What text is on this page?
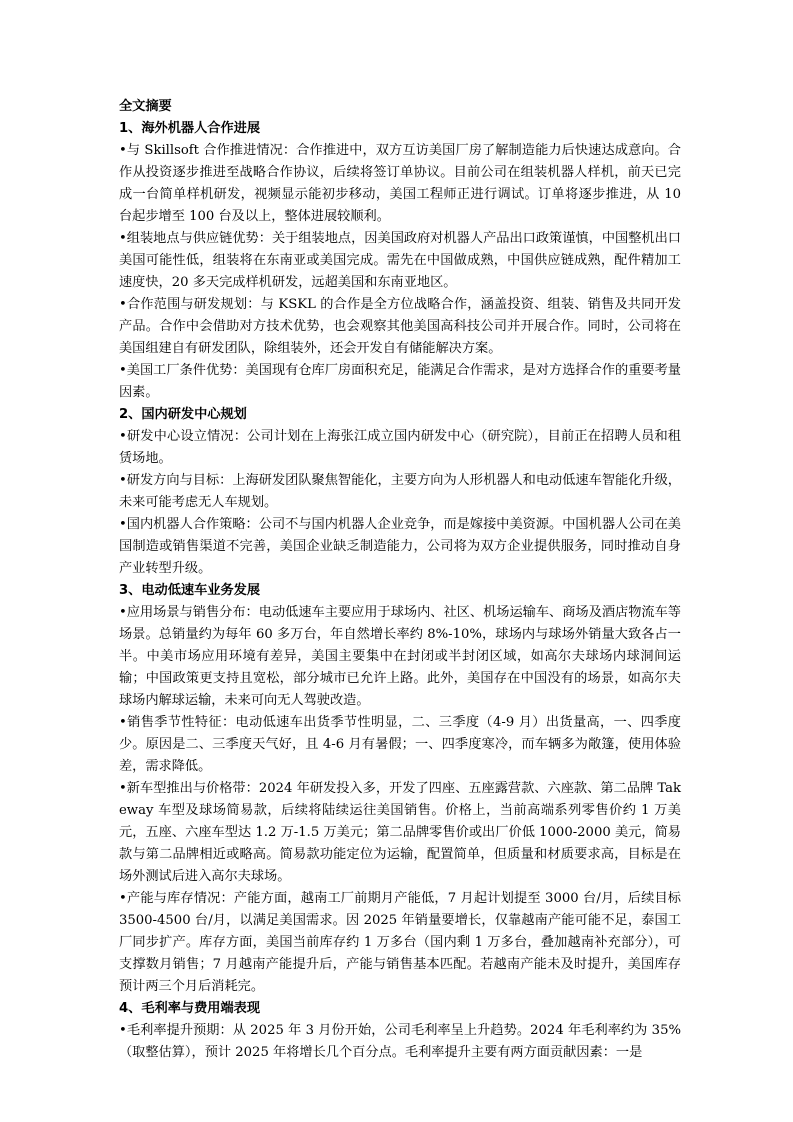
全文摘要

1、海外机器人合作进展

•与 Skillsoft 合作推进情况：合作推进中，双方互访美国厂房了解制造能力后快速达成意向。合作从投资逐步推进至战略合作协议，后续将签订单协议。目前公司在组装机器人样机，前天已完成一台简单样机研发，视频显示能初步移动，美国工程师正进行调试。订单将逐步推进，从 10 台起步增至 100 台及以上，整体进展较顺利。

•组装地点与供应链优势：关于组装地点，因美国政府对机器人产品出口政策谨慎，中国整机出口美国可能性低，组装将在东南亚或美国完成。需先在中国做成熟，中国供应链成熟，配件精加工速度快，20 多天完成样机研发，远超美国和东南亚地区。

•合作范围与研发规划：与 KSKL 的合作是全方位战略合作，涵盖投资、组装、销售及共同开发产品。合作中会借助对方技术优势，也会观察其他美国高科技公司并开展合作。同时，公司将在美国组建自有研发团队，除组装外，还会开发自有储能解决方案。

•美国工厂条件优势：美国现有仓库厂房面积充足，能满足合作需求，是对方选择合作的重要考量因素。

2、国内研发中心规划

•研发中心设立情况：公司计划在上海张江成立国内研发中心（研究院），目前正在招聘人员和租赁场地。

•研发方向与目标：上海研发团队聚焦智能化，主要方向为人形机器人和电动低速车智能化升级，未来可能考虑无人车规划。

•国内机器人合作策略：公司不与国内机器人企业竞争，而是嫁接中美资源。中国机器人公司在美国制造或销售渠道不完善，美国企业缺乏制造能力，公司将为双方企业提供服务，同时推动自身产业转型升级。

3、电动低速车业务发展

•应用场景与销售分布：电动低速车主要应用于球场内、社区、机场运输车、商场及酒店物流车等场景。总销量约为每年 60 多万台，年自然增长率约 8%-10%，球场内与球场外销量大致各占一半。中美市场应用环境有差异，美国主要集中在封闭或半封闭区域，如高尔夫球场内球洞间运输；中国政策更支持且宽松，部分城市已允许上路。此外，美国存在中国没有的场景，如高尔夫球场内解球运输，未来可向无人驾驶改造。

•销售季节性特征：电动低速车出货季节性明显，二、三季度（4-9 月）出货量高，一、四季度少。原因是二、三季度天气好，且 4-6 月有暑假；一、四季度寒冷，而车辆多为敞篷，使用体验差，需求降低。

•新车型推出与价格带：2024 年研发投入多，开发了四座、五座露营款、六座款、第二品牌 Takeway 车型及球场简易款，后续将陆续运往美国销售。价格上，当前高端系列零售价约 1 万美元，五座、六座车型达 1.2 万-1.5 万美元；第二品牌零售价或出厂价低 1000-2000 美元，简易款与第二品牌相近或略高。简易款功能定位为运输，配置简单，但质量和材质要求高，目标是在场外测试后进入高尔夫球场。

•产能与库存情况：产能方面，越南工厂前期月产能低，7 月起计划提至 3000 台/月，后续目标 3500-4500 台/月，以满足美国需求。因 2025 年销量要增长，仅靠越南产能可能不足，泰国工厂同步扩产。库存方面，美国当前库存约 1 万多台（国内剩 1 万多台，叠加越南补充部分），可支撑数月销售；7 月越南产能提升后，产能与销售基本匹配。若越南产能未及时提升，美国库存预计两三个月后消耗完。

4、毛利率与费用端表现

•毛利率提升预期：从 2025 年 3 月份开始，公司毛利率呈上升趋势。2024 年毛利率约为 35%（取整估算），预计 2025 年将增长几个百分点。毛利率提升主要有两方面贡献因素：一是
